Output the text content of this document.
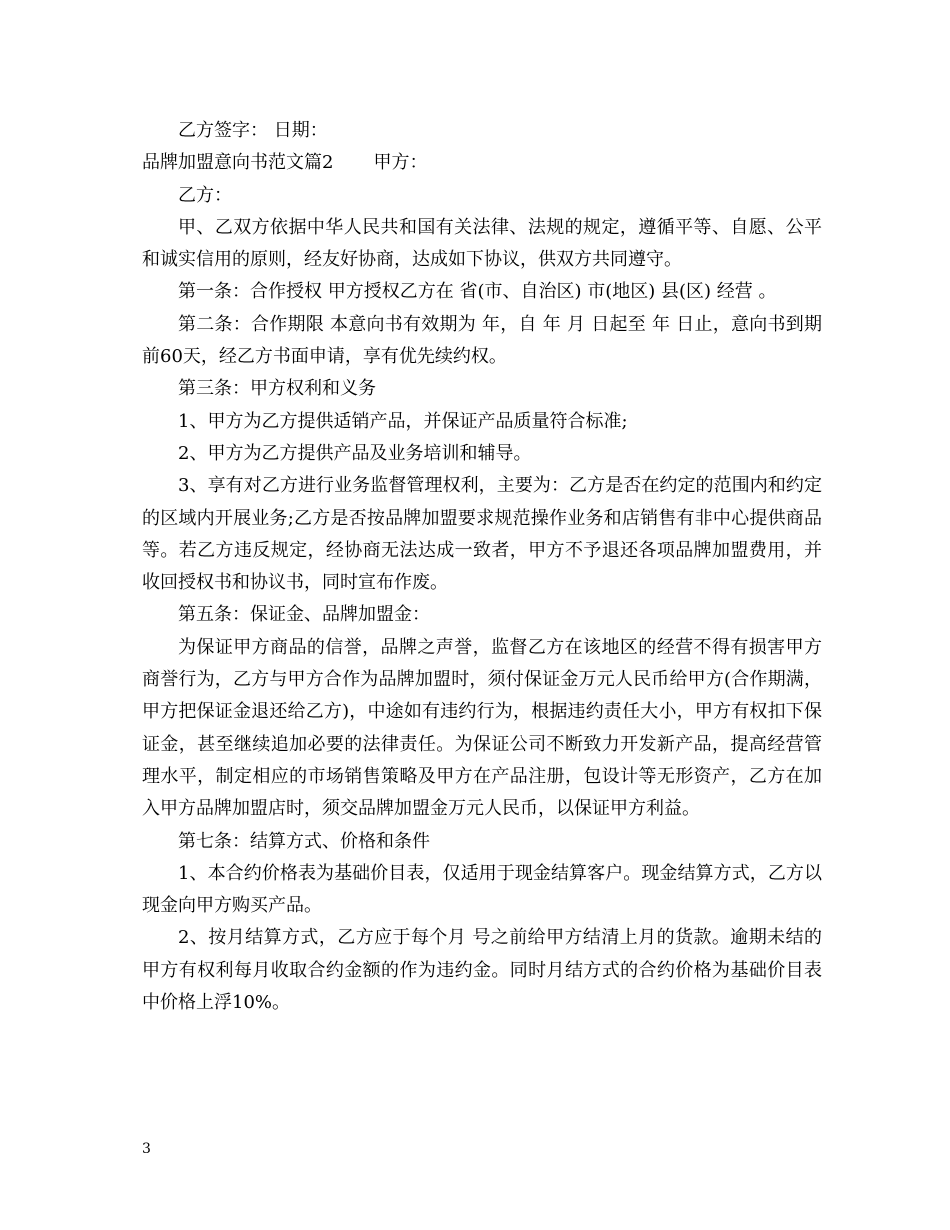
乙方签字： 日期：

品牌加盟意向书范文篇2 甲方：

乙方：

甲、乙双方依据中华人民共和国有关法律、法规的规定，遵循平等、自愿、公平和诚实信用的原则，经友好协商，达成如下协议，供双方共同遵守。

第一条：合作授权 甲方授权乙方在 省(市、自治区) 市(地区) 县(区) 经营 。

第二条：合作期限 本意向书有效期为 年，自 年 月 日起至 年 日止，意向书到期前60天，经乙方书面申请，享有优先续约权。

第三条：甲方权利和义务

1、甲方为乙方提供适销产品，并保证产品质量符合标准;

2、甲方为乙方提供产品及业务培训和辅导。

3、享有对乙方进行业务监督管理权利，主要为：乙方是否在约定的范围内和约定的区域内开展业务;乙方是否按品牌加盟要求规范操作业务和店销售有非中心提供商品等。若乙方违反规定，经协商无法达成一致者，甲方不予退还各项品牌加盟费用，并收回授权书和协议书，同时宣布作废。

第五条：保证金、品牌加盟金：

为保证甲方商品的信誉，品牌之声誉，监督乙方在该地区的经营不得有损害甲方商誉行为，乙方与甲方合作为品牌加盟时，须付保证金万元人民币给甲方(合作期满，甲方把保证金退还给乙方)，中途如有违约行为，根据违约责任大小，甲方有权扣下保证金，甚至继续追加必要的法律责任。为保证公司不断致力开发新产品，提高经营管理水平，制定相应的市场销售策略及甲方在产品注册，包设计等无形资产，乙方在加入甲方品牌加盟店时，须交品牌加盟金万元人民币，以保证甲方利益。

第七条：结算方式、价格和条件

1、本合约价格表为基础价目表，仅适用于现金结算客户。现金结算方式，乙方以现金向甲方购买产品。

2、按月结算方式，乙方应于每个月 号之前给甲方结清上月的货款。逾期未结的甲方有权利每月收取合约金额的作为违约金。同时月结方式的合约价格为基础价目表中价格上浮10%。

3
